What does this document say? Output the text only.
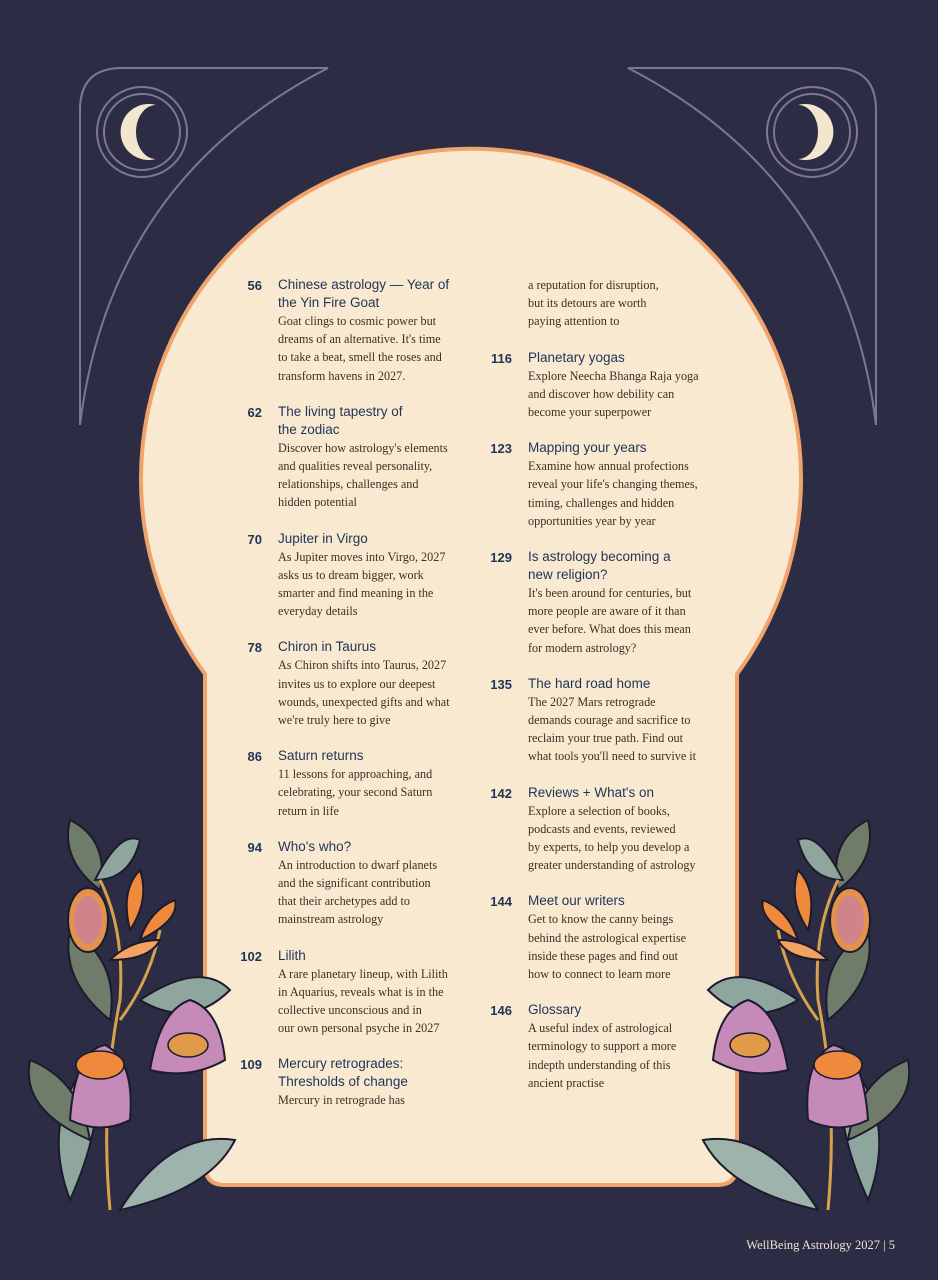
56	Chinese astrology — Year of
the Yin Fire Goat
Goat clings to cosmic power but
dreams of an alternative. It's time
to take a beat, smell the roses and
transform havens in 2027.
62	The living tapestry of
the zodiac
Discover how astrology's elements
and qualities reveal personality,
relationships, challenges and
hidden potential
70	Jupiter in Virgo
As Jupiter moves into Virgo, 2027
asks us to dream bigger, work
smarter and find meaning in the
everyday details
78	Chiron in Taurus
As Chiron shifts into Taurus, 2027
invites us to explore our deepest
wounds, unexpected gifts and what
we're truly here to give
86	Saturn returns
11 lessons for approaching, and
celebrating, your second Saturn
return in life
94	Who's who?
An introduction to dwarf planets
and the significant contribution
that their archetypes add to
mainstream astrology
102	Lilith
A rare planetary lineup, with Lilith
in Aquarius, reveals what is in the
collective unconscious and in
our own personal psyche in 2027
109	Mercury retrogrades:
Thresholds of change
Mercury in retrograde has
a reputation for disruption,
but its detours are worth
paying attention to
116	Planetary yogas
Explore Neecha Bhanga Raja yoga
and discover how debility can
become your superpower
123	Mapping your years
Examine how annual profections
reveal your life's changing themes,
timing, challenges and hidden
opportunities year by year
129	Is astrology becoming a
new religion?
It's been around for centuries, but
more people are aware of it than
ever before. What does this mean
for modern astrology?
135	The hard road home
The 2027 Mars retrograde
demands courage and sacrifice to
reclaim your true path. Find out
what tools you'll need to survive it
142	Reviews + What's on
Explore a selection of books,
podcasts and events, reviewed
by experts, to help you develop a
greater understanding of astrology
144	Meet our writers
Get to know the canny beings
behind the astrological expertise
inside these pages and find out
how to connect to learn more
146	Glossary
A useful index of astrological
terminology to support a more
indepth understanding of this
ancient practise
WellBeing Astrology 2027 | 5
